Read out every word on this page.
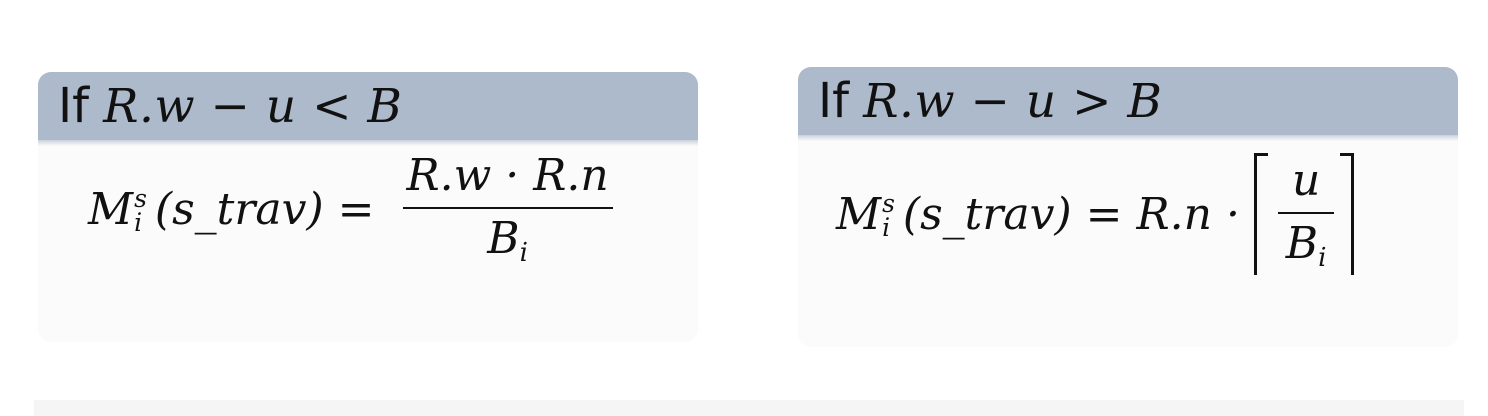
If R.w − u < B
M s
i (s_trav) = $\frac{R.w \cdot R.n}{Bi}$
If R.w − u > B
M s
i (s_trav) = $R.n \cdot \frac{u}{Bi}$
